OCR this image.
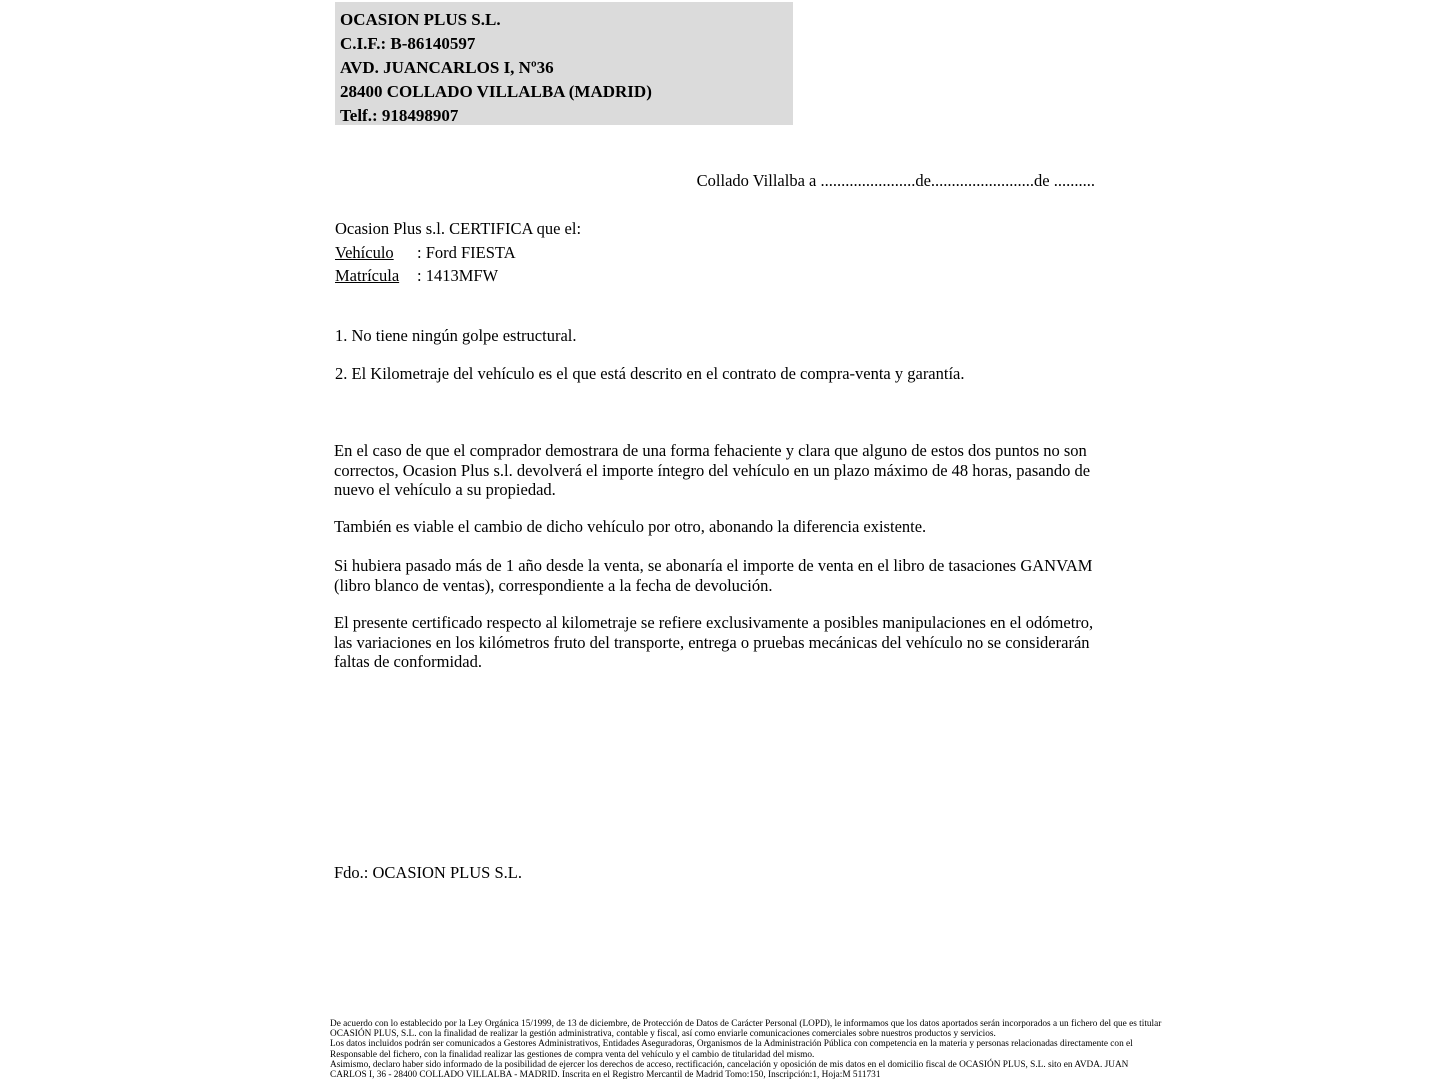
OCASION PLUS S.L.
C.I.F.: B-86140597
AVD. JUANCARLOS I, Nº36
28400 COLLADO VILLALBA (MADRID)
Telf.: 918498907
Collado Villalba a .......................de.........................de ..........
Ocasion Plus s.l. CERTIFICA que el:
Vehículo : Ford FIESTA
Matrícula : 1413MFW
1. No tiene ningún golpe estructural.
2. El Kilometraje del vehículo es el que está descrito en el contrato de compra-venta y garantía.
En el caso de que el comprador demostrara de una forma fehaciente y clara que alguno de estos dos puntos no son correctos, Ocasion Plus s.l. devolverá el importe íntegro del vehículo en un plazo máximo de 48 horas, pasando de nuevo el vehículo a su propiedad.
También es viable el cambio de dicho vehículo por otro, abonando la diferencia existente.
Si hubiera pasado más de 1 año desde la venta, se abonaría el importe de venta en el libro de tasaciones GANVAM (libro blanco de ventas), correspondiente a la fecha de devolución.
El presente certificado respecto al kilometraje se refiere exclusivamente a posibles manipulaciones en el odómetro, las variaciones en los kilómetros fruto del transporte, entrega o pruebas mecánicas del vehículo no se considerarán faltas de conformidad.
Fdo.: OCASION PLUS S.L.
De acuerdo con lo establecido por la Ley Orgánica 15/1999, de 13 de diciembre, de Protección de Datos de Carácter Personal (LOPD), le informamos que los datos aportados serán incorporados a un fichero del que es titular
OCASIÓN PLUS, S.L. con la finalidad de realizar la gestión administrativa, contable y fiscal, así como enviarle comunicaciones comerciales sobre nuestros productos y servicios.
Los datos incluidos podrán ser comunicados a Gestores Administrativos, Entidades Aseguradoras, Organismos de la Administración Pública con competencia en la materia y personas relacionadas directamente con el
Responsable del fichero, con la finalidad realizar las gestiones de compra venta del vehículo y el cambio de titularidad del mismo.
Asimismo, declaro haber sido informado de la posibilidad de ejercer los derechos de acceso, rectificación, cancelación y oposición de mis datos en el domicilio fiscal de OCASIÓN PLUS, S.L. sito en AVDA. JUAN
CARLOS I, 36 - 28400 COLLADO VILLALBA - MADRID. Inscrita en el Registro Mercantil de Madrid Tomo:150, Inscripción:1, Hoja:M 511731
